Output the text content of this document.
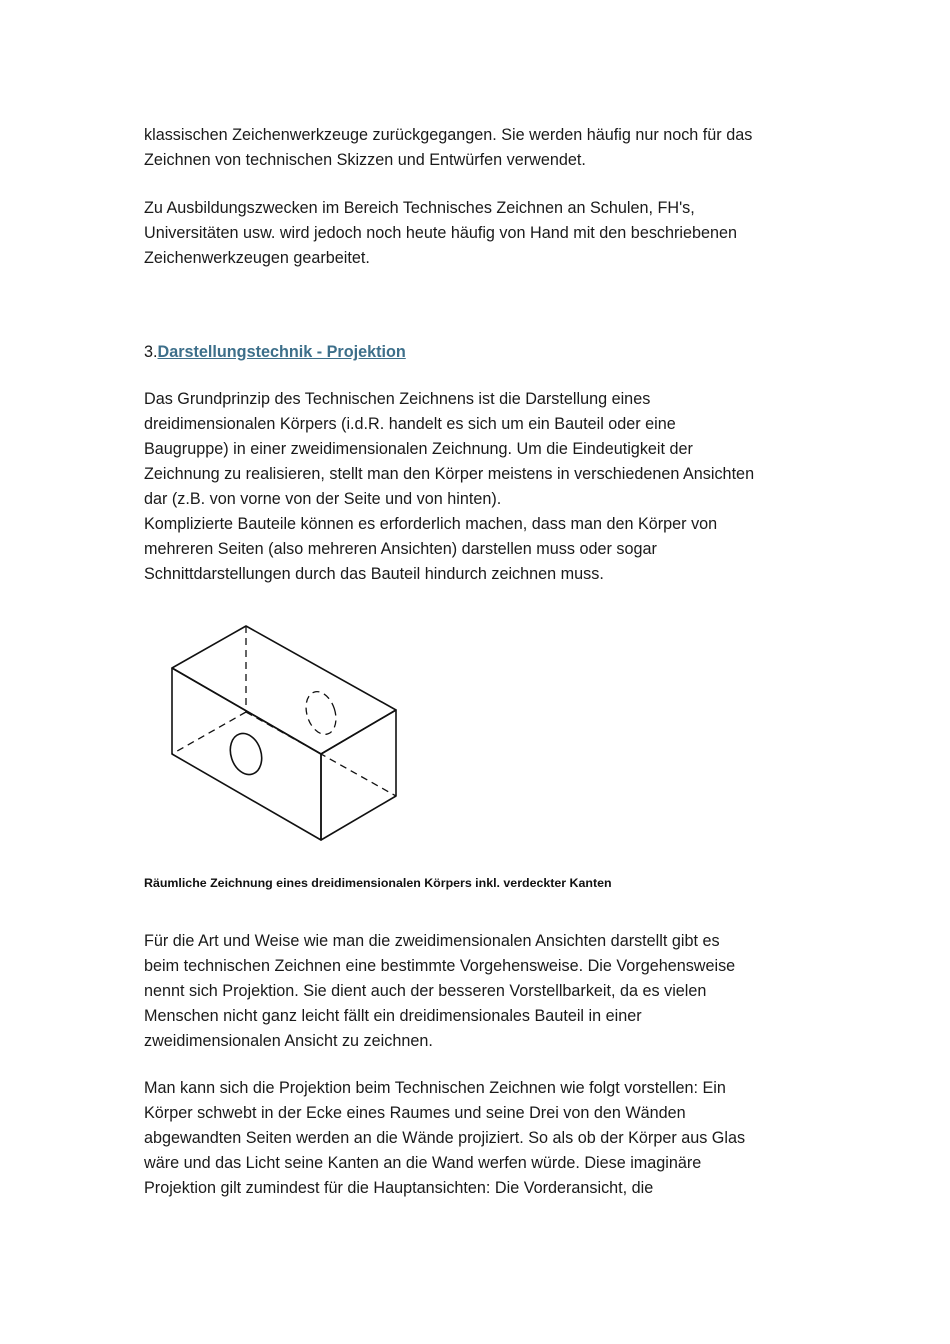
klassischen Zeichenwerkzeuge zurückgegangen. Sie werden häufig nur noch für das
Zeichnen von technischen Skizzen und Entwürfen verwendet.

Zu Ausbildungszwecken im Bereich Technisches Zeichnen an Schulen, FH's,
Universitäten usw. wird jedoch noch heute häufig von Hand mit den beschriebenen
Zeichenwerkzeugen gearbeitet.

3.Darstellungstechnik - Projektion

Das Grundprinzip des Technischen Zeichnens ist die Darstellung eines
dreidimensionalen Körpers (i.d.R. handelt es sich um ein Bauteil oder eine
Baugruppe) in einer zweidimensionalen Zeichnung. Um die Eindeutigkeit der
Zeichnung zu realisieren, stellt man den Körper meistens in verschiedenen Ansichten
dar (z.B. von vorne von der Seite und von hinten).
Komplizierte Bauteile können es erforderlich machen, dass man den Körper von
mehreren Seiten (also mehreren Ansichten) darstellen muss oder sogar
Schnittdarstellungen durch das Bauteil hindurch zeichnen muss.

Räumliche Zeichnung eines dreidimensionalen Körpers inkl. verdeckter Kanten

Für die Art und Weise wie man die zweidimensionalen Ansichten darstellt gibt es
beim technischen Zeichnen eine bestimmte Vorgehensweise. Die Vorgehensweise
nennt sich Projektion. Sie dient auch der besseren Vorstellbarkeit, da es vielen
Menschen nicht ganz leicht fällt ein dreidimensionales Bauteil in einer
zweidimensionalen Ansicht zu zeichnen.

Man kann sich die Projektion beim Technischen Zeichnen wie folgt vorstellen: Ein
Körper schwebt in der Ecke eines Raumes und seine Drei von den Wänden
abgewandten Seiten werden an die Wände projiziert. So als ob der Körper aus Glas
wäre und das Licht seine Kanten an die Wand werfen würde. Diese imaginäre
Projektion gilt zumindest für die Hauptansichten: Die Vorderansicht, die
